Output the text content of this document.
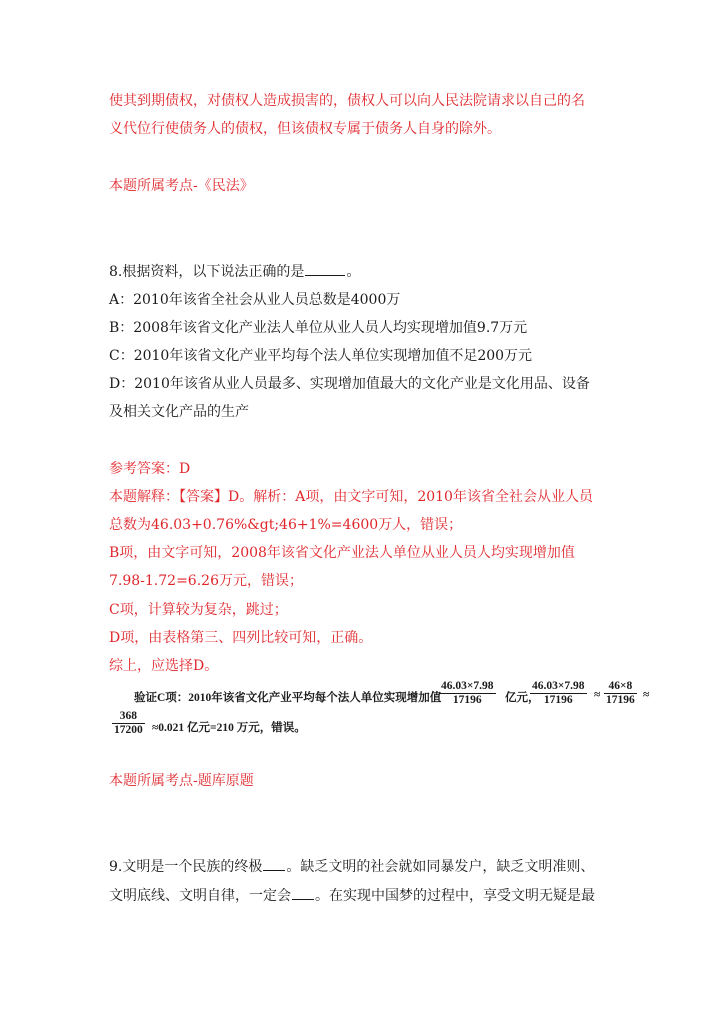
使其到期债权，对债权人造成损害的，债权人可以向人民法院请求以自己的名
义代位行使债务人的债权，但该债权专属于债务人自身的除外。
本题所属考点-《民法》
8.根据资料，以下说法正确的是	。
A：2010年该省全社会从业人员总数是4000万
B：2008年该省文化产业法人单位从业人员人均实现增加值9.7万元
C：2010年该省文化产业平均每个法人单位实现增加值不足200万元
D：2010年该省从业人员最多、实现增加值最大的文化产业是文化用品、设备
及相关文化产品的生产
参考答案：D
本题解释：【答案】D。解析：A项，由文字可知，2010年该省全社会从业人员
总数为46.03+0.76%&gt;46+1%=4600万人，错误；
B项，由文字可知，2008年该省文化产业法人单位从业人员人均实现增加值
7.98-1.72=6.26万元，错误；
C项，计算较为复杂，跳过；
D项，由表格第三、四列比较可知，正确。
综上，应选择D。
验证C项：2010年该省文化产业平均每个法人单位实现增加值
$\frac{46.03\times 7.98}{17196}$ 亿元，
$\frac{46.03\times 7.98}{17196} \approx \frac{46\times 8}{17196}$ ≈
$\frac{368}{17200} \approx 0.021$ 亿元=210 万元，错误。
本题所属考点-题库原题
9.文明是一个民族的终极 。缺乏文明的社会就如同暴发户，缺乏文明准则、
文明底线、文明自律，一定会 。在实现中国梦的过程中，享受文明无疑是最
